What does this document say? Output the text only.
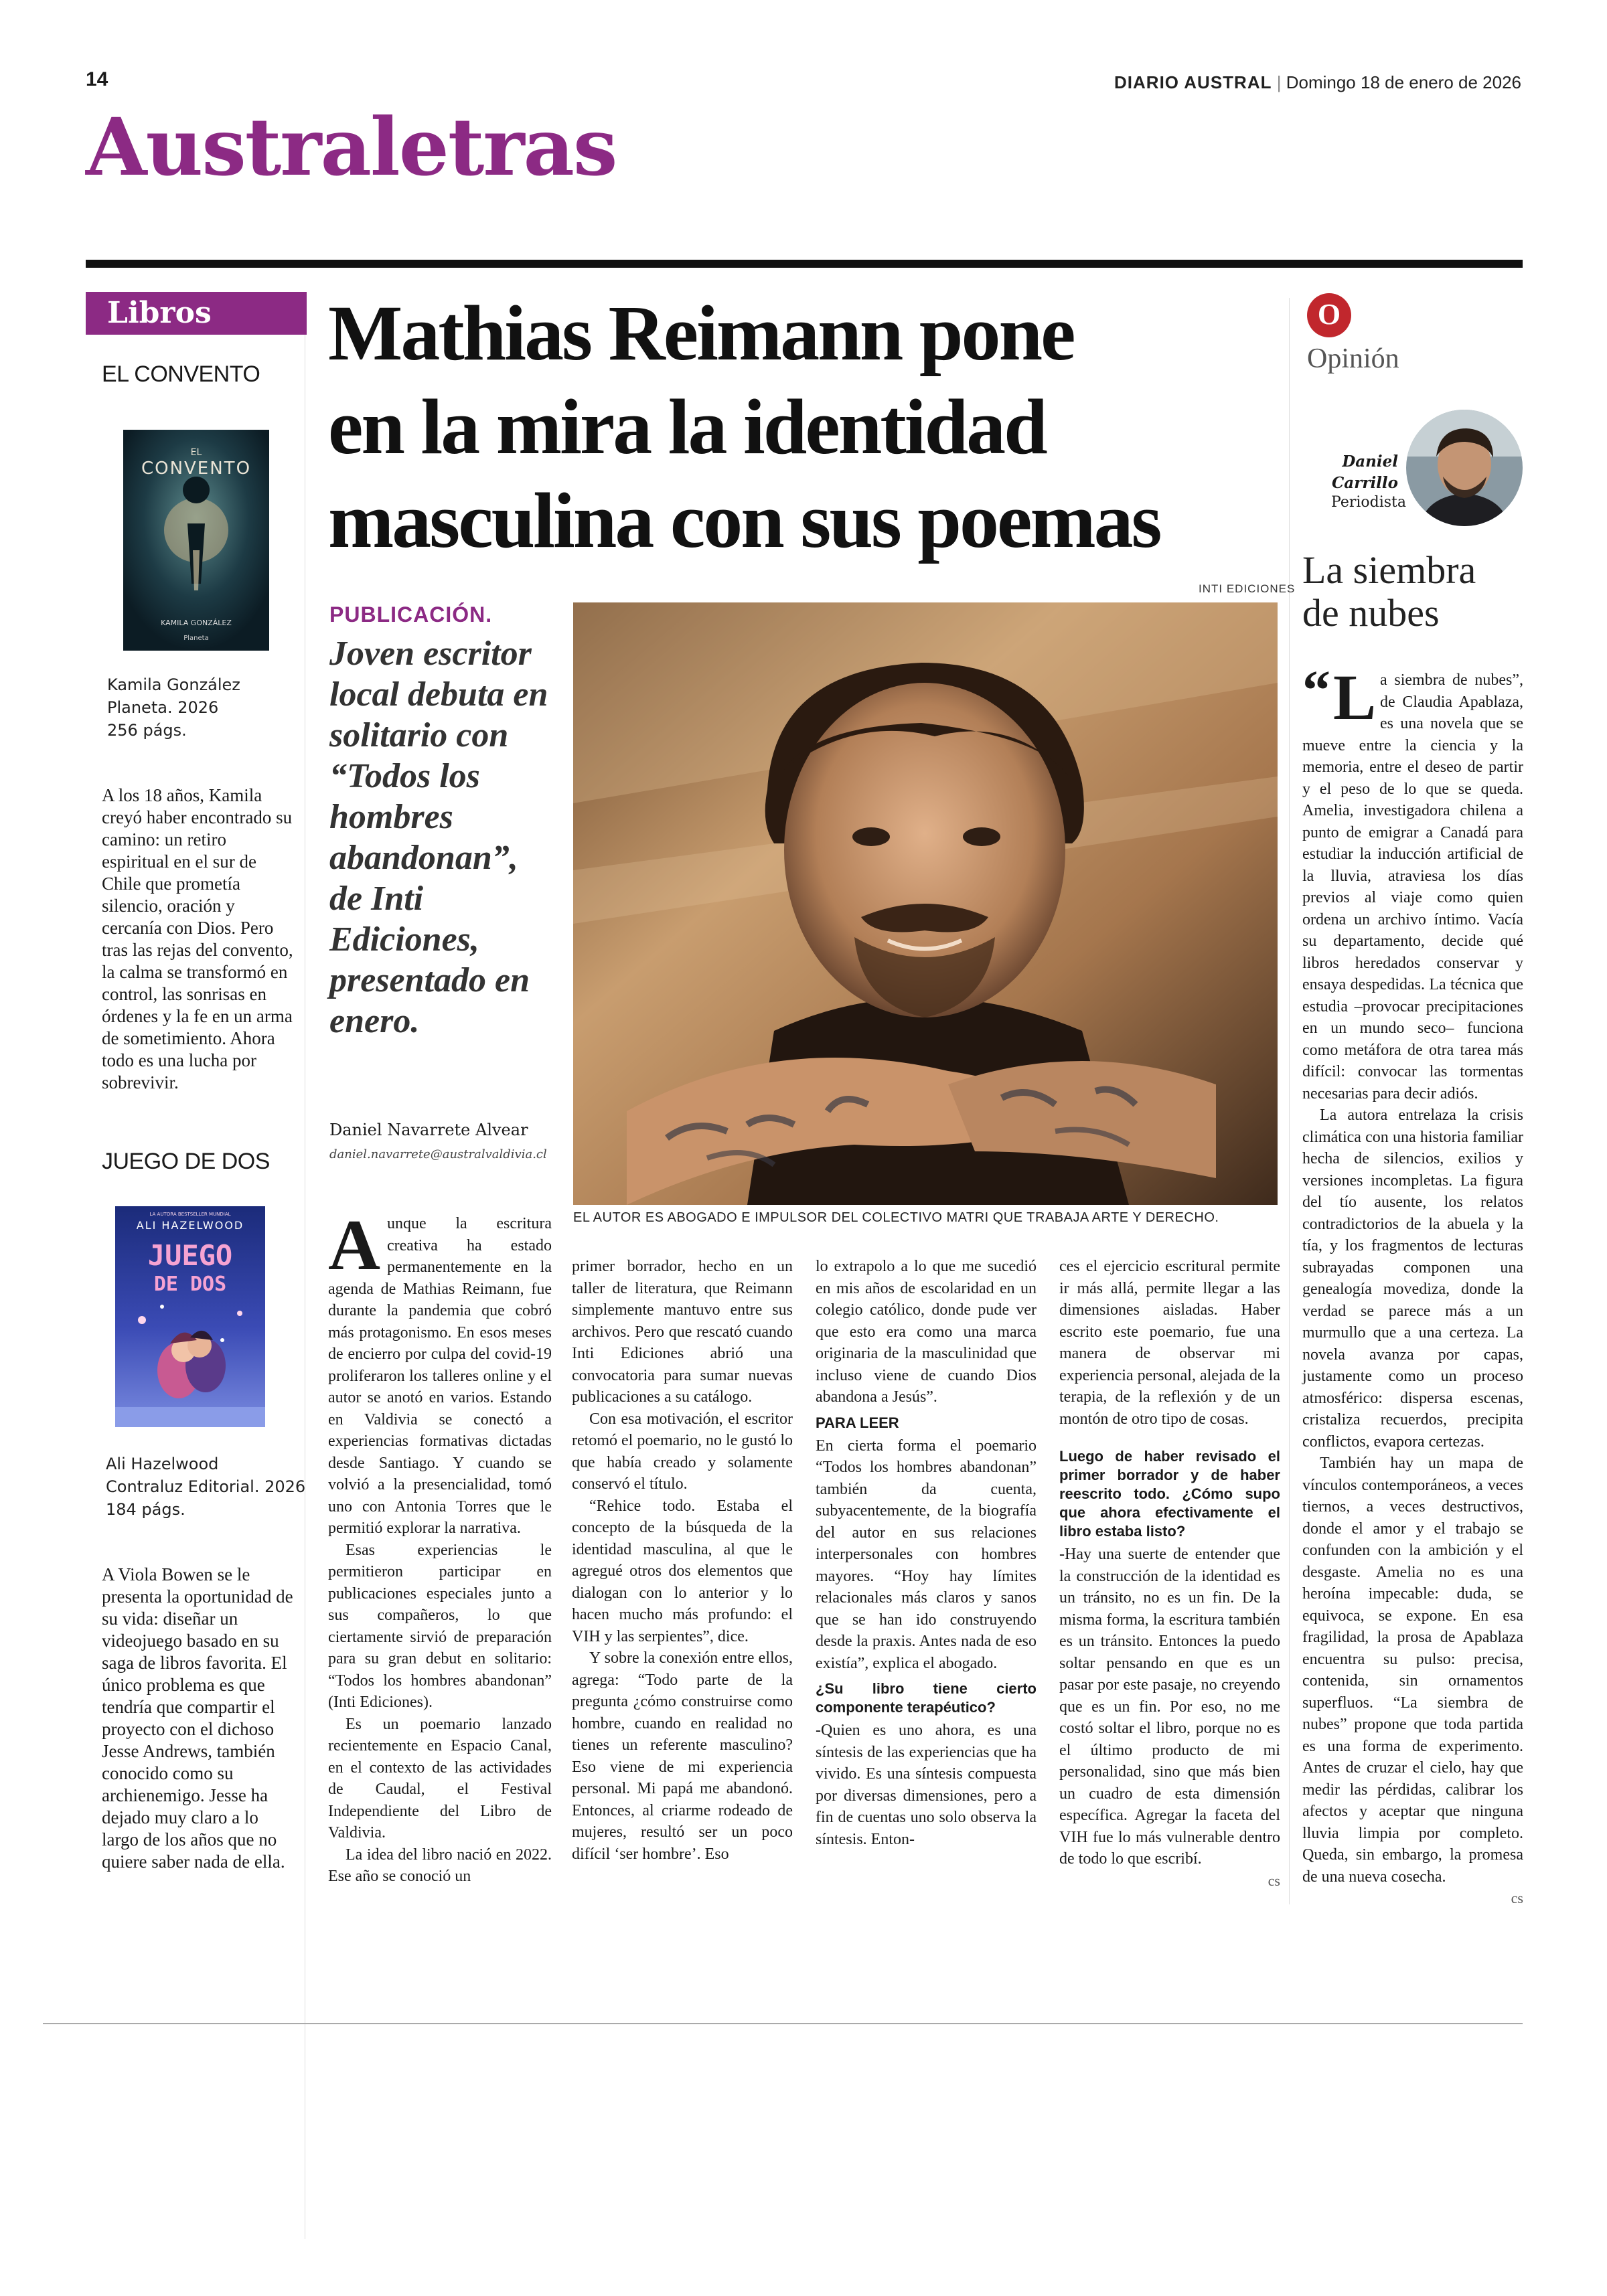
14	DIARIO AUSTRAL | Domingo 18 de enero de 2026
Australetras
Libros
EL CONVENTO
EL
CONVENTO
KAMILA GONZÁLEZ
Planeta
Kamila González
Planeta. 2026
256 págs.
A los 18 años, Kamila creyó haber encontrado su camino: un retiro espiritual en el sur de Chile que prometía silencio, oración y cercanía con Dios. Pero tras las rejas del convento, la calma se transformó en control, las sonrisas en órdenes y la fe en un arma de sometimiento. Ahora todo es una lucha por sobrevivir.
JUEGO DE DOS
LA AUTORA BESTSELLER MUNDIAL
ALI HAZELWOOD
JUEGO
DE DOS
Ali Hazelwood
Contraluz Editorial. 2026
184 págs.
A Viola Bowen se le presenta la oportunidad de su vida: diseñar un videojuego basado en su saga de libros favorita. El único problema es que tendría que compartir el proyecto con el dichoso Jesse Andrews, también conocido como su archienemigo. Jesse ha dejado muy claro a lo largo de los años que no quiere saber nada de ella.
Mathias Reimann pone
en la mira la identidad
masculina con sus poemas
INTI EDICIONES
PUBLICACIÓN.
Joven escritor local debuta en solitario con “Todos los hombres abandonan”, de Inti Ediciones, presentado en enero.
Daniel Navarrete Alvear
daniel.navarrete@australvaldivia.cl
EL AUTOR ES ABOGADO E IMPULSOR DEL COLECTIVO MATRI QUE TRABAJA ARTE Y DERECHO.

Aunque la escritura creativa ha estado permanentemente en la agenda de Mathias Reimann, fue durante la pandemia que cobró más protagonismo. En esos meses de encierro por culpa del covid-19 proliferaron los talleres online y el autor se anotó en varios. Estando en Valdivia se conectó a experiencias formativas dictadas desde Santiago. Y cuando se volvió a la presencialidad, tomó uno con Antonia Torres que le permitió explorar la narrativa.

Esas experiencias le permitieron participar en publicaciones especiales junto a sus compañeros, lo que ciertamente sirvió de preparación para su gran debut en solitario: “Todos los hombres abandonan” (Inti Ediciones).

Es un poemario lanzado recientemente en Espacio Canal, en el contexto de las actividades de Caudal, el Festival Independiente del Libro de Valdivia.

La idea del libro nació en 2022. Ese año se conoció un

primer borrador, hecho en un taller de literatura, que Reimann simplemente mantuvo entre sus archivos. Pero que rescató cuando Inti Ediciones abrió una convocatoria para sumar nuevas publicaciones a su catálogo.

Con esa motivación, el escritor retomó el poemario, no le gustó lo que había creado y solamente conservó el título.

“Rehice todo. Estaba el concepto de la búsqueda de la identidad masculina, al que le agregué otros dos elementos que dialogan con lo anterior y lo hacen mucho más profundo: el VIH y las serpientes”, dice.

Y sobre la conexión entre ellos, agrega: “Todo parte de la pregunta ¿cómo construirse como hombre, cuando en realidad no tienes un referente masculino? Eso viene de mi experiencia personal. Mi papá me abandonó. Entonces, al criarme rodeado de mujeres, resultó ser un poco difícil ‘ser hombre’. Eso

lo extrapolo a lo que me sucedió en mis años de escolaridad en un colegio católico, donde pude ver que esto era como una marca originaria de la masculinidad que incluso viene de cuando Dios abandona a Jesús”.

PARA LEER

En cierta forma el poemario “Todos los hombres abandonan” también da cuenta, subyacentemente, de la biografía del autor en sus relaciones interpersonales con hombres mayores. “Hoy hay límites relacionales más claros y sanos que se han ido construyendo desde la praxis. Antes nada de eso existía”, explica el abogado.

¿Su libro tiene cierto componente terapéutico?

-Quien es uno ahora, es una síntesis de las experiencias que ha vivido. Es una síntesis compuesta por diversas dimensiones, pero a fin de cuentas uno solo observa la síntesis. Enton-

ces el ejercicio escritural permite ir más allá, permite llegar a las dimensiones aisladas. Haber escrito este poemario, fue una manera de observar mi experiencia personal, alejada de la terapia, de la reflexión y de un montón de otro tipo de cosas.

Luego de haber revisado el primer borrador y de haber reescrito todo. ¿Cómo supo que ahora efectivamente el libro estaba listo?

-Hay una suerte de entender que la construcción de la identidad es un tránsito, no es un fin. De la misma forma, la escritura también es un tránsito. Entonces la puedo soltar pensando en que es un pasar por este pasaje, no creyendo que es un fin. Por eso, no me costó soltar el libro, porque no es el último producto de mi personalidad, sino que más bien un cuadro de esta dimensión específica. Agregar la faceta del VIH fue lo más vulnerable dentro de todo lo que escribí.

cs
O
Opinión
Daniel
Carrillo
Periodista
La siembra
de nubes

“ L a siembra de nubes”, de Claudia Apablaza, es una novela que se mueve entre la ciencia y la memoria, entre el deseo de partir y el peso de lo que se queda. Amelia, investigadora chilena a punto de emigrar a Canadá para estudiar la inducción artificial de la lluvia, atraviesa los días previos al viaje como quien ordena un archivo íntimo. Vacía su departamento, decide qué libros heredados conservar y ensaya despedidas. La técnica que estudia –provocar precipitaciones en un mundo seco– funciona como metáfora de otra tarea más difícil: convocar las tormentas necesarias para decir adiós.

La autora entrelaza la crisis climática con una historia familiar hecha de silencios, exilios y versiones incompletas. La figura del tío ausente, los relatos contradictorios de la abuela y la tía, y los fragmentos de lecturas subrayadas componen una genealogía movediza, donde la verdad se parece más a un murmullo que a una certeza. La novela avanza por capas, justamente como un proceso atmosférico: dispersa escenas, cristaliza recuerdos, precipita conflictos, evapora certezas.

También hay un mapa de vínculos contemporáneos, a veces tiernos, a veces destructivos, donde el amor y el trabajo se confunden con la ambición y el desgaste. Amelia no es una heroína impecable: duda, se equivoca, se expone. En esa fragilidad, la prosa de Apablaza encuentra su pulso: precisa, contenida, sin ornamentos superfluos. “La siembra de nubes” propone que toda partida es una forma de experimento. Antes de cruzar el cielo, hay que medir las pérdidas, calibrar los afectos y aceptar que ninguna lluvia limpia por completo. Queda, sin embargo, la promesa de una nueva cosecha.

cs
